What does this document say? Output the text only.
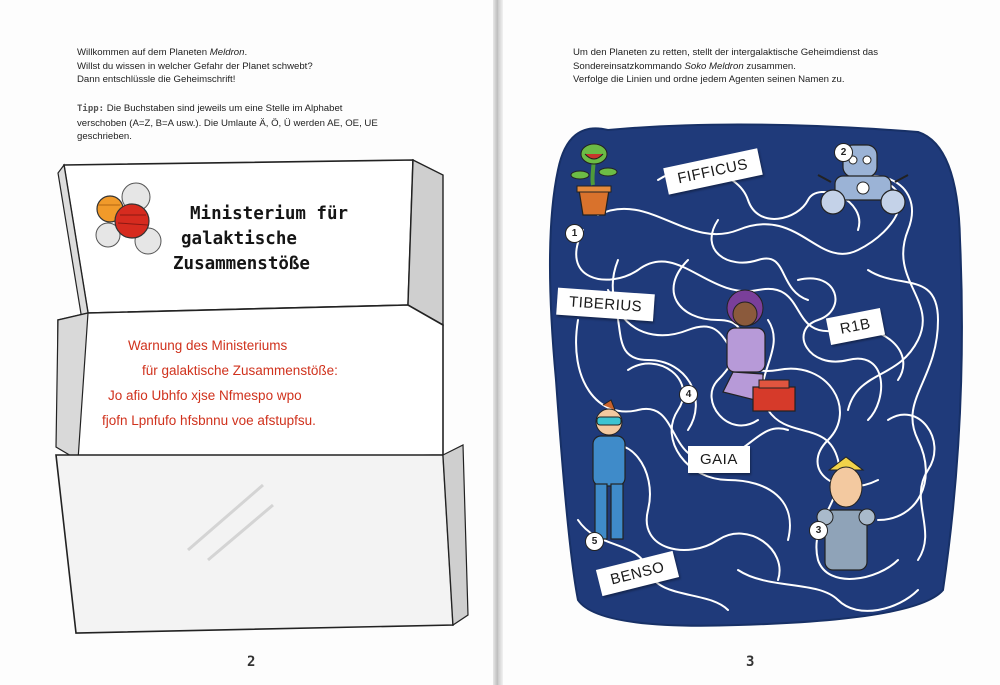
Willkommen auf dem Planeten Meldron.

Willst du wissen in welcher Gefahr der Planet schwebt?

Dann entschlüssle die Geheimschrift!

Tipp: Die Buchstaben sind jeweils um eine Stelle im Alphabet

verschoben (A=Z, B=A usw.). Die Umlaute Ä, Ö, Ü werden AE, OE, UE

geschrieben.

Ministerium für
galaktische
Zusammenstöße
Warnung des Ministeriums
für galaktische Zusammenstöße:
Jo afio Ubhfo xjse Nfmespo wpo
fjofn Lpnfufo hfsbnnu voe afstupfsu.
2

Um den Planeten zu retten, stellt der intergalaktische Geheimdienst das

Sondereinsatzkommando Soko Meldron zusammen.

Verfolge die Linien und ordne jedem Agenten seinen Namen zu.

FIFFICUS
TIBERIUS
R1B
GAIA
BENSO
1
2
3
4
5
3
